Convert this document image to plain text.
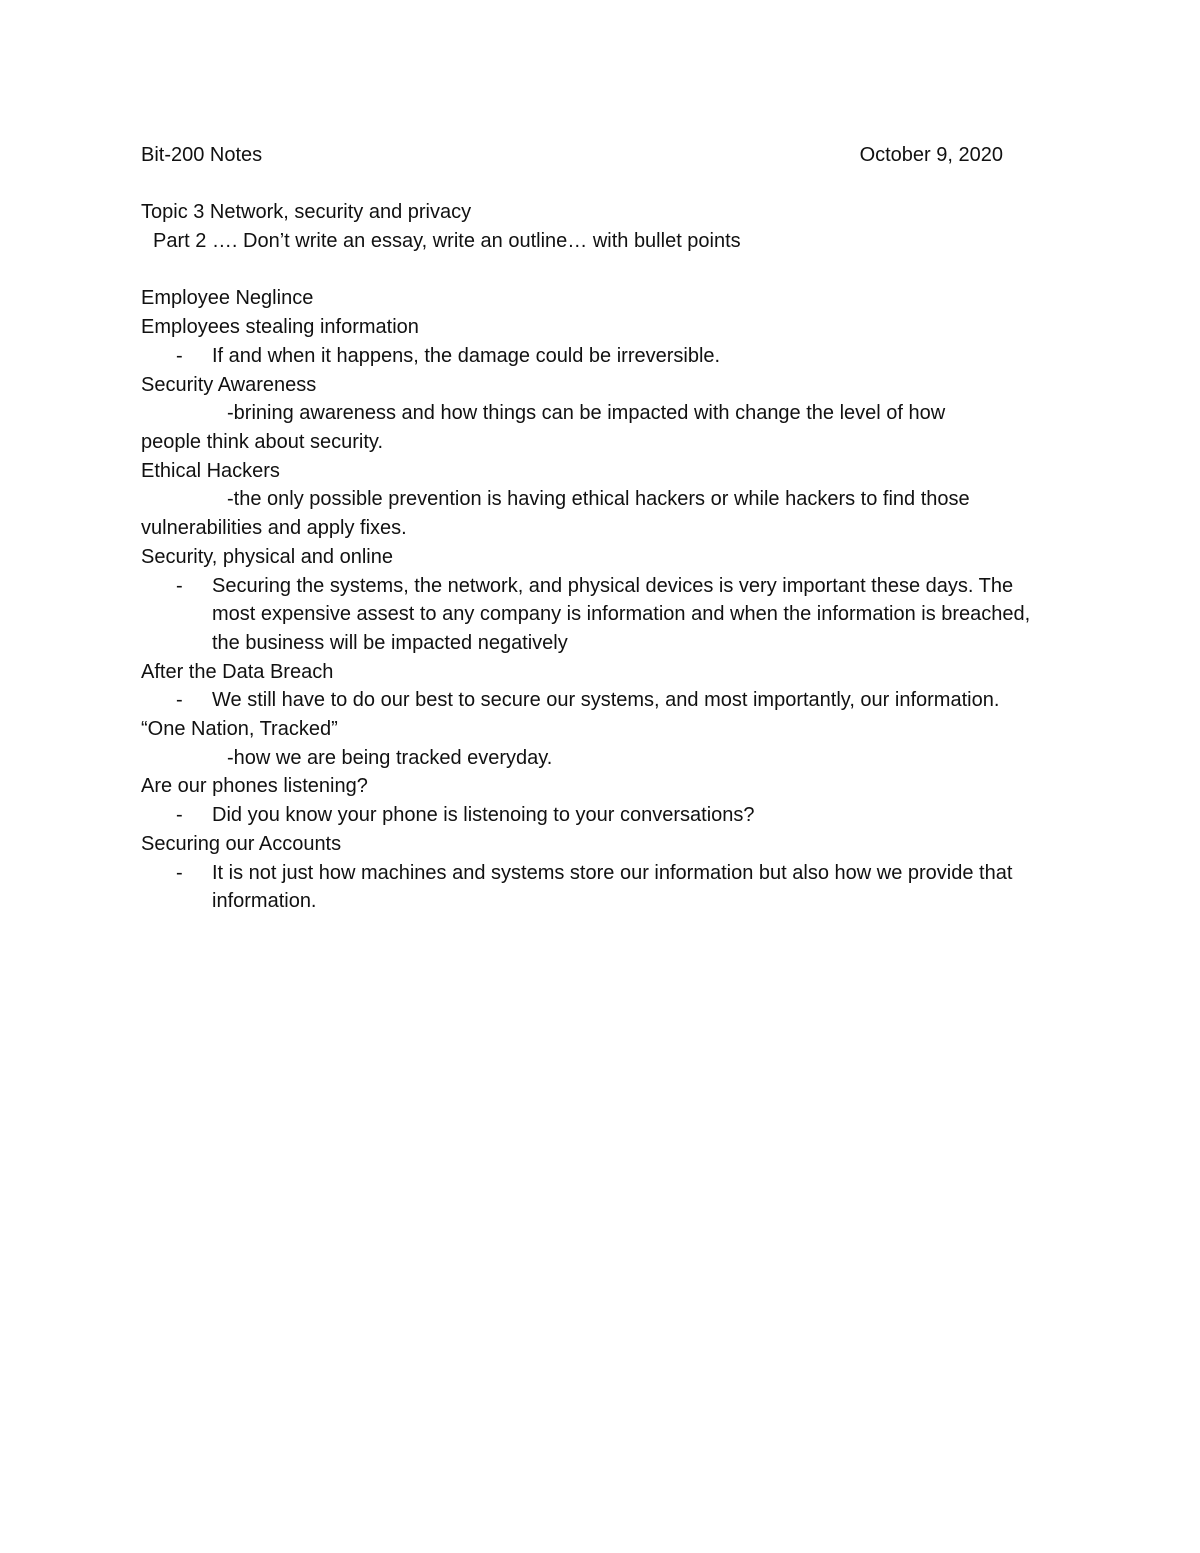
Bit-200 Notes	October 9, 2020
Topic 3 Network, security and privacy
Part 2 …. Don’t write an essay, write an outline… with bullet points
Employee Neglince
Employees stealing information
-	If and when it happens, the damage could be irreversible.
Security Awareness
-brining awareness and how things can be impacted with change the level of how
people think about security.
Ethical Hackers
-the only possible prevention is having ethical hackers or while hackers to find those
vulnerabilities and apply fixes.
Security, physical and online
-	Securing the systems, the network, and physical devices is very important these days. The most expensive assest to any company is information and when the information is breached, the business will be impacted negatively
After the Data Breach
-	We still have to do our best to secure our systems, and most importantly, our information.
“One Nation, Tracked”
-how we are being tracked everyday.
Are our phones listening?
-	Did you know your phone is listenoing to your conversations?
Securing our Accounts
-	It is not just how machines and systems store our information but also how we provide that information.
